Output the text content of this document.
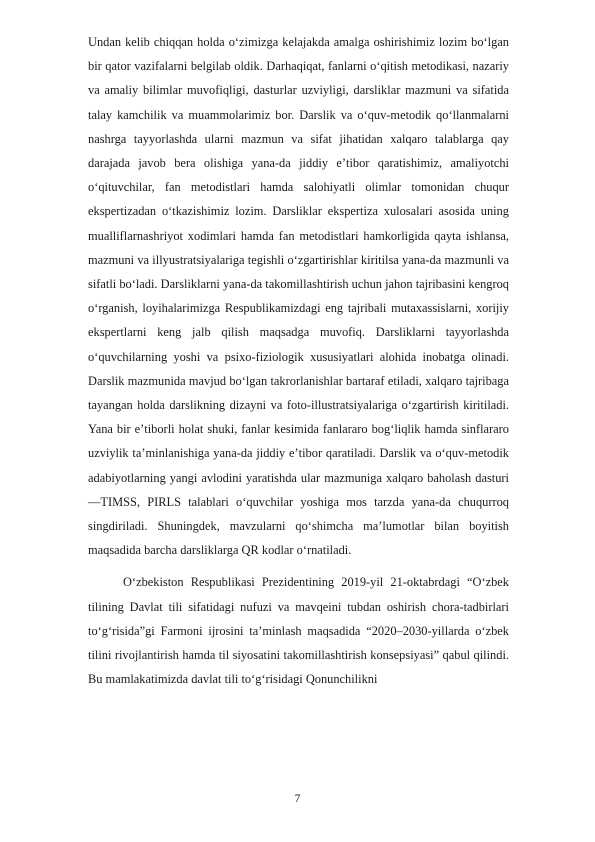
Undan kelib chiqqan holda oʻzimizga kelajakda amalga oshirishimiz lozim boʻlgan bir qator vazifalarni belgilab oldik. Darhaqiqat, fanlarni oʻqitish metodikasi, nazariy va amaliy bilimlar muvofiqligi, dasturlar uzviyligi, darsliklar mazmuni va sifatida talay kamchilik va muammolarimiz bor. Darslik va oʻquv-metodik qoʻllanmalarni nashrga tayyorlashda ularni mazmun va sifat jihatidan xalqaro talablarga qay darajada javob bera olishiga yana-da jiddiy eʼtibor qaratishimiz, amaliyotchi oʻqituvchilar, fan metodistlari hamda salohiyatli olimlar tomonidan chuqur ekspertizadan oʻtkazishimiz lozim. Darsliklar ekspertiza xulosalari asosida uning mualliflarnashriyot xodimlari hamda fan metodistlari hamkorligida qayta ishlansa, mazmuni va illyustratsiyalariga tegishli oʻzgartirishlar kiritilsa yana-da mazmunli va sifatli boʻladi. Darsliklarni yana-da takomillashtirish uchun jahon tajribasini kengroq oʻrganish, loyihalarimizga Respublikamizdagi eng tajribali mutaxassislarni, xorijiy ekspertlarni keng jalb qilish maqsadga muvofiq. Darsliklarni tayyorlashda o‘quvchilarning yoshi va psixo-fiziologik xususiyatlari alohida inobatga olinadi. Darslik mazmunida mavjud boʻlgan takrorlanishlar bartaraf etiladi, xalqaro tajribaga tayangan holda darslikning dizayni va foto-illustratsiyalariga o‘zgartirish kiritiladi. Yana bir eʼtiborli holat shuki, fanlar kesimida fanlararo bogʻliqlik hamda sinflararo uzviylik taʼminlanishiga yana-da jiddiy eʼtibor qaratiladi. Darslik va oʻquv-metodik adabiyotlarning yangi avlodini yaratishda ular mazmuniga xalqaro baholash dasturi —TIMSS, PIRLS talablari o‘quvchilar yoshiga mos tarzda yana-da chuqurroq singdiriladi. Shuningdek, mavzularni qoʻshimcha maʼlumotlar bilan boyitish maqsadida barcha darsliklarga QR kodlar oʻrnatiladi.

Oʻzbekiston Respublikasi Prezidentining 2019-yil 21-oktabrdagi “Oʻzbek tilining Davlat tili sifatidagi nufuzi va mavqeini tubdan oshirish chora-tadbirlari toʻg‘risida”gi Farmoni ijrosini ta’minlash maqsadida “2020–2030-yillarda oʻzbek tilini rivojlantirish hamda til siyosatini takomillashtirish konsepsiyasi” qabul qilindi. Bu mamlakatimizda davlat tili toʻg‘risidagi Qonunchilikni

7
